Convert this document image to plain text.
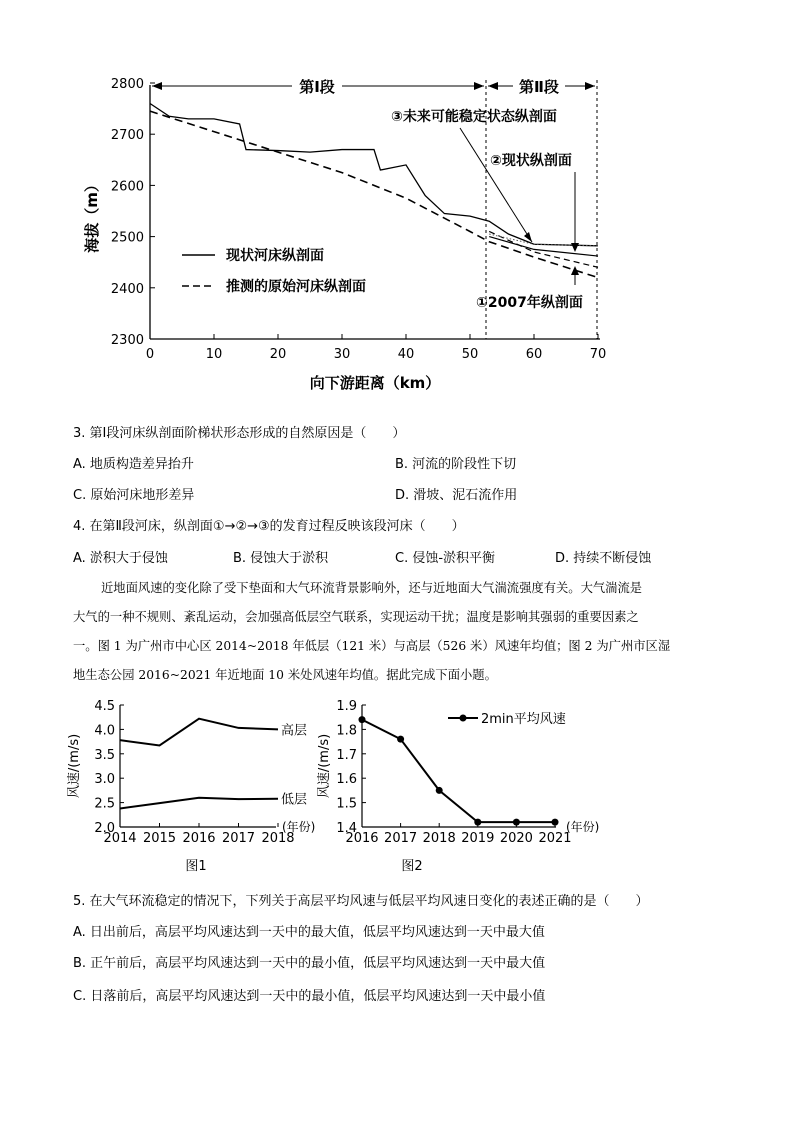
2800
2700
2600
2500
2400
2300
0	10	20	30	40	50	60	70
海拔（m）
向下游距离（km）
第Ⅰ段	第Ⅱ段
③未来可能稳定状态纵剖面
②现状纵剖面
①2007年纵剖面
现状河床纵剖面
推测的原始河床纵剖面
3. 第Ⅰ段河床纵剖面阶梯状形态形成的自然原因是（　　）
A. 地质构造差异抬升	B. 河流的阶段性下切
C. 原始河床地形差异	D. 滑坡、泥石流作用
4. 在第Ⅱ段河床，纵剖面①→②→③的发育过程反映该段河床（　　）
A. 淤积大于侵蚀	B. 侵蚀大于淤积	C. 侵蚀-淤积平衡	D. 持续不断侵蚀
近地面风速的变化除了受下垫面和大气环流背景影响外，还与近地面大气湍流强度有关。大气湍流是
大气的一种不规则、紊乱运动，会加强高低层空气联系，实现运动干扰；温度是影响其强弱的重要因素之
一。图 1 为广州市中心区 2014~2018 年低层（121 米）与高层（526 米）风速年均值；图 2 为广州市区湿
地生态公园 2016~2021 年近地面 10 米处风速年均值。据此完成下面小题。
4.5
4.0
3.5
3.0
2.5
2.0
2014 2015 2016 2017 2018
(年份)
风速/(m/s)
图1
高层
低层
1.9
1.8
1.7
1.6
1.5
1.4
2016 2017 2018 2019 2020 2021
(年份)
风速/(m/s)
图2
2min平均风速
5. 在大气环流稳定的情况下，下列关于高层平均风速与低层平均风速日变化的表述正确的是（　　）
A. 日出前后，高层平均风速达到一天中的最大值，低层平均风速达到一天中最大值
B. 正午前后，高层平均风速达到一天中的最小值，低层平均风速达到一天中最大值
C. 日落前后，高层平均风速达到一天中的最小值，低层平均风速达到一天中最小值
